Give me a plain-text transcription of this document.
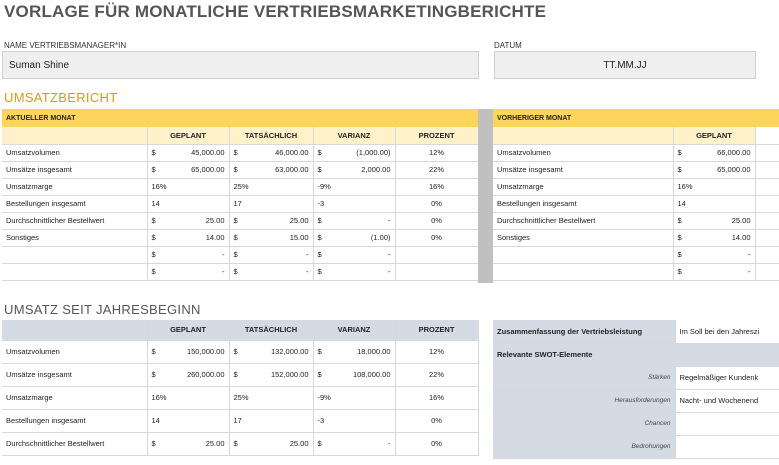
VORLAGE FÜR MONATLICHE VERTRIEBSMARKETINGBERICHTE
NAME VERTRIEBSMANAGER*IN
Suman Shine
DATUM
TT.MM.JJ
UMSATZBERICHT
AKTUELLER MONAT				
	GEPLANT	TATSÄCHLICH	VARIANZ	PROZENT
Umsatzvolumen	$ 45,000.00	$ 46,000.00	$ (1,000.00)	12%
Umsätze insgesamt	$ 65,000.00	$ 63,000.00	$ 2,000.00	22%
Umsatzmarge	16%	25%	-9%	16%
Bestellungen insgesamt	14	17	-3	0%
Durchschnittlicher Bestellwert	$ 25.00	$ 25.00	$ -	0%
Sonstiges	$ 14.00	$ 15.00	$ (1.00)	0%

	$ -	$ -	$ -	

	$ -	$ -	$ -	

VORHERIGER MONAT		
	GEPLANT	
Umsatzvolumen	$ 66,000.00	

Umsätze insgesamt	$ 65,000.00	

Umsatzmarge	16%	
Bestellungen insgesamt	14	
Durchschnittlicher Bestellwert	$ 25.00	

Sonstiges	$ 14.00	

	$ -	

	$ -	

UMSATZ SEIT JAHRESBEGINN
	GEPLANT	TATSÄCHLICH	VARIANZ	PROZENT
Umsatzvolumen	$ 150,000.00	$ 132,000.00	$ 18,000.00	12%
Umsätze insgesamt	$ 260,000.00	$ 152,000.00	$ 108,000.00	22%
Umsatzmarge	16%	25%	-9%	16%
Bestellungen insgesamt	14	17	-3	0%
Durchschnittlicher Bestellwert	$ 25.00	$ 25.00	$ -	0%
Zusammenfassung der Vertriebsleistung	Im Soll bei den Jahreszi
Relevante SWOT-Elemente	
Stärken	Regelmäßiger Kundenk
Herausforderungen	Nacht- und Wochenend
Chancen	
Bedrohungen	
